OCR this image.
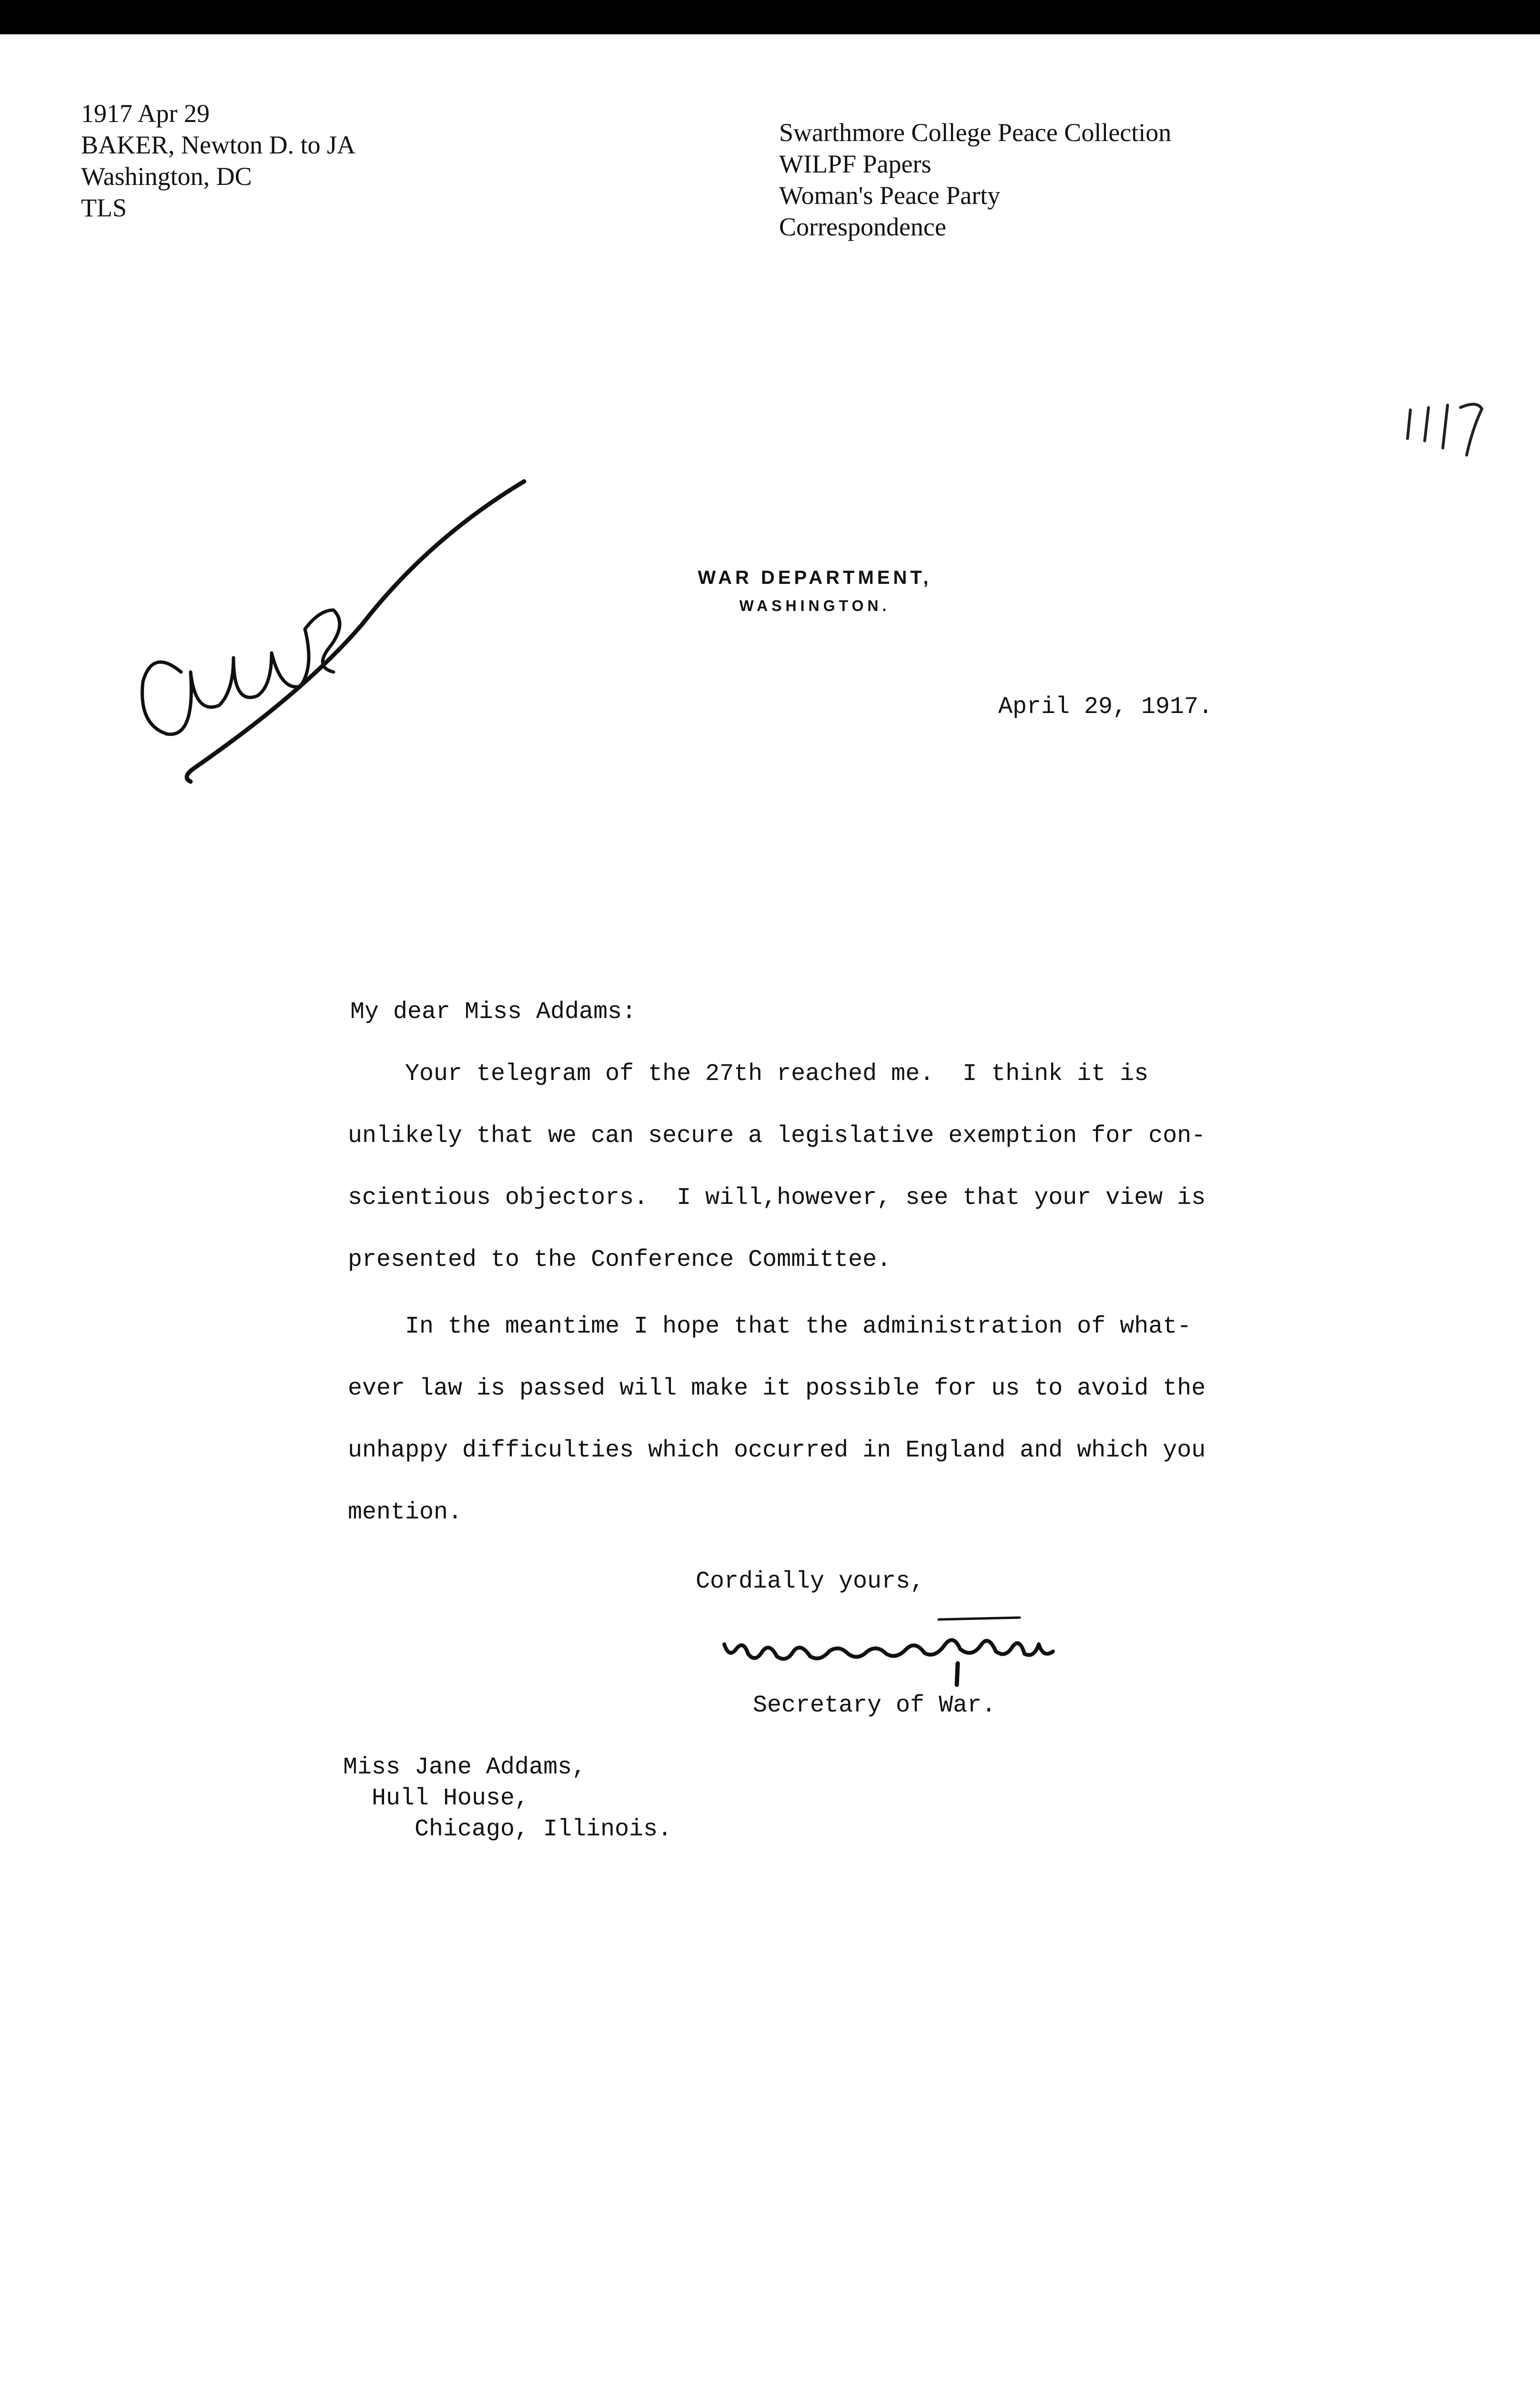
1917 Apr 29
BAKER, Newton D. to JA
Washington, DC
TLS
Swarthmore College Peace Collection
WILPF Papers
Woman's Peace Party
Correspondence
WAR DEPARTMENT,
WASHINGTON.
April 29, 1917.
My dear Miss Addams:
Your telegram of the 27th reached me.  I think it is
unlikely that we can secure a legislative exemption for con-
scientious objectors.  I will,however, see that your view is
presented to the Conference Committee.
In the meantime I hope that the administration of what-
ever law is passed will make it possible for us to avoid the
unhappy difficulties which occurred in England and which you
mention.
Cordially yours,
Secretary of War.
Miss Jane Addams,
Hull House,
Chicago, Illinois.
